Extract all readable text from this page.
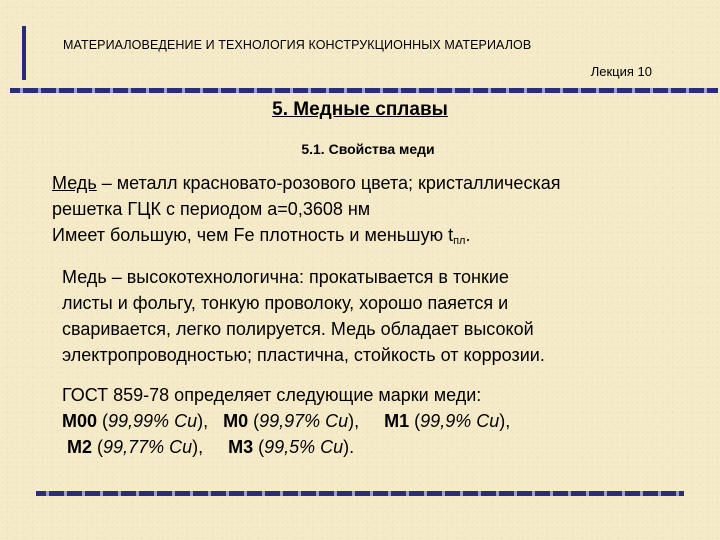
МАТЕРИАЛОВЕДЕНИЕ И ТЕХНОЛОГИЯ КОНСТРУКЦИОННЫХ МАТЕРИАЛОВ
Лекция 10
5. Медные сплавы
5.1. Свойства меди
Медь – металл красновато-розового цвета; кристаллическая
решетка ГЦК с периодом а=0,3608 нм
Имеет большую, чем Fe плотность и меньшую $t_{пл}$.
Медь – высокотехнологична: прокатывается в тонкие
листы и фольгу, тонкую проволоку, хорошо паяется и
сваривается, легко полируется. Медь обладает высокой
электропроводностью; пластична, стойкость от коррозии.
ГОСТ 859-78 определяет следующие марки меди:
М00 (99,99% Cu),   М0 (99,97% Cu),     М1 (99,9% Cu),
М2 (99,77% Cu),     М3 (99,5% Cu).
